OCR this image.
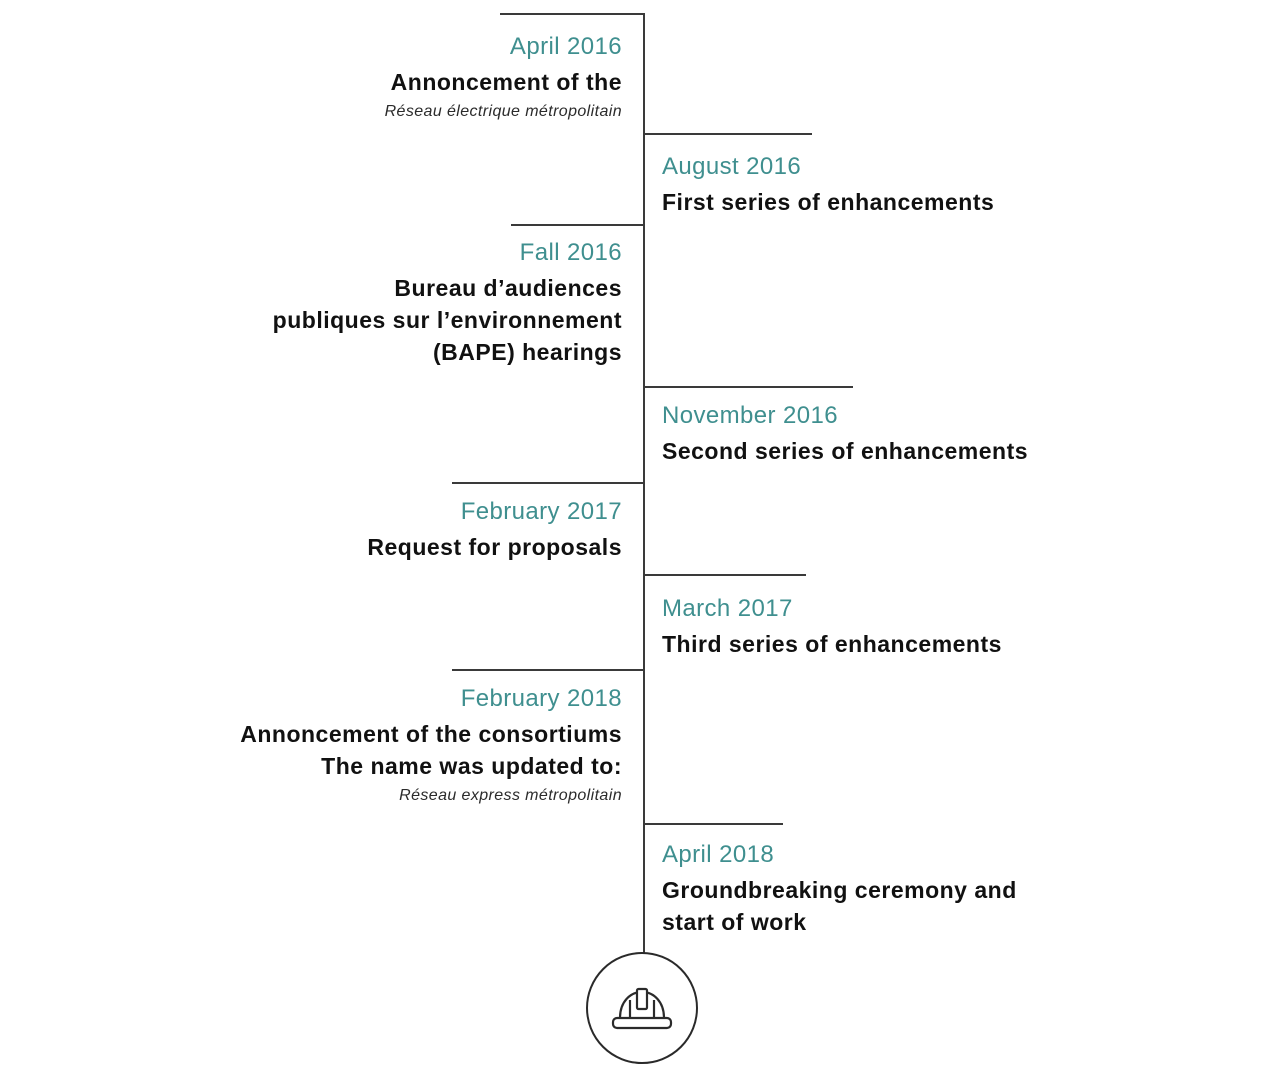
April 2016
Annoncement of the
Réseau électrique métropolitain
August 2016
First series of enhancements
Fall 2016
Bureau d’audiences
publiques sur l’environnement
(BAPE) hearings
November 2016
Second series of enhancements
February 2017
Request for proposals
March 2017
Third series of enhancements
February 2018
Annoncement of the consortiums
The name was updated to:
Réseau express métropolitain
April 2018
Groundbreaking ceremony and
start of work
